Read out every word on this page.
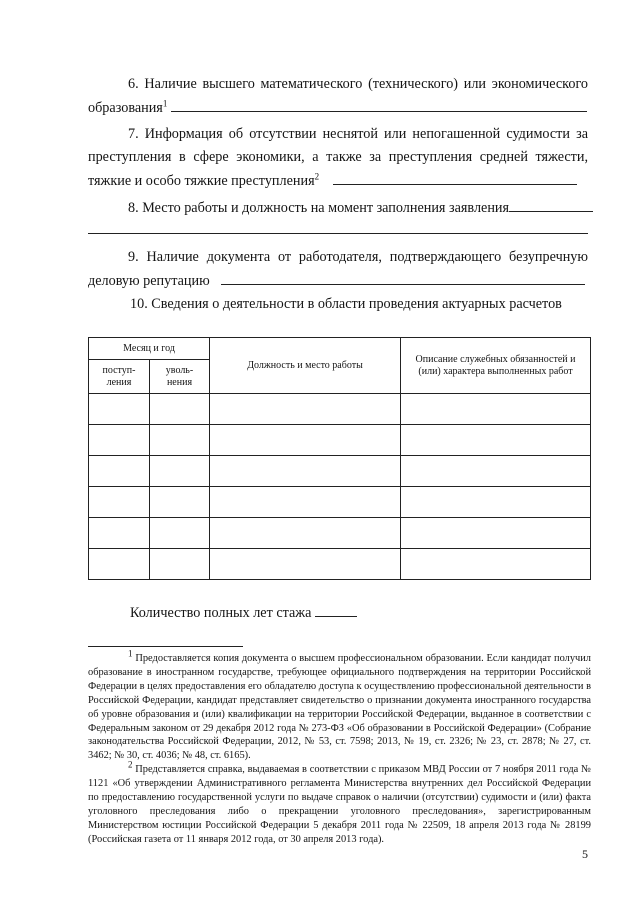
6. Наличие высшего математического (технического) или экономического
образования$^1$
7. Информация об отсутствии неснятой или непогашенной судимости за
преступления в сфере экономики, а также за преступления средней тяжести,
тяжкие и особо тяжкие преступления$^2$
8. Место работы и должность на момент заполнения заявления
9. Наличие документа от работодателя, подтверждающего безупречную
деловую репутацию
10. Сведения о деятельности в области проведения актуарных расчетов
Месяц и год		Должность и место работы	Описание служебных обязанностей и (или) характера выполненных работ
поступ-
ления	уволь-
нения		

Количество полных лет стажа

$^1$ Предоставляется копия документа о высшем профессиональном образовании. Если кандидат получил образование в иностранном государстве, требующее официального подтверждения на территории Российской Федерации в целях предоставления его обладателю доступа к осуществлению профессиональной деятельности в Российской Федерации, кандидат представляет свидетельство о признании документа иностранного государства об уровне образования и (или) квалификации на территории Российской Федерации, выданное в соответствии с Федеральным законом от 29 декабря 2012 года № 273-ФЗ «Об образовании в Российской Федерации» (Собрание законодательства Российской Федерации, 2012, № 53, ст. 7598; 2013, № 19, ст. 2326; № 23, ст. 2878; № 27, ст. 3462; № 30, ст. 4036; № 48, ст. 6165).

$^2$ Представляется справка, выдаваемая в соответствии с приказом МВД России от 7 ноября 2011 года № 1121 «Об утверждении Административного регламента Министерства внутренних дел Российской Федерации по предоставлению государственной услуги по выдаче справок о наличии (отсутствии) судимости и (или) факта уголовного преследования либо о прекращении уголовного преследования», зарегистрированным Министерством юстиции Российской Федерации 5 декабря 2011 года № 22509, 18 апреля 2013 года № 28199 (Российская газета от 11 января 2012 года, от 30 апреля 2013 года).

5
